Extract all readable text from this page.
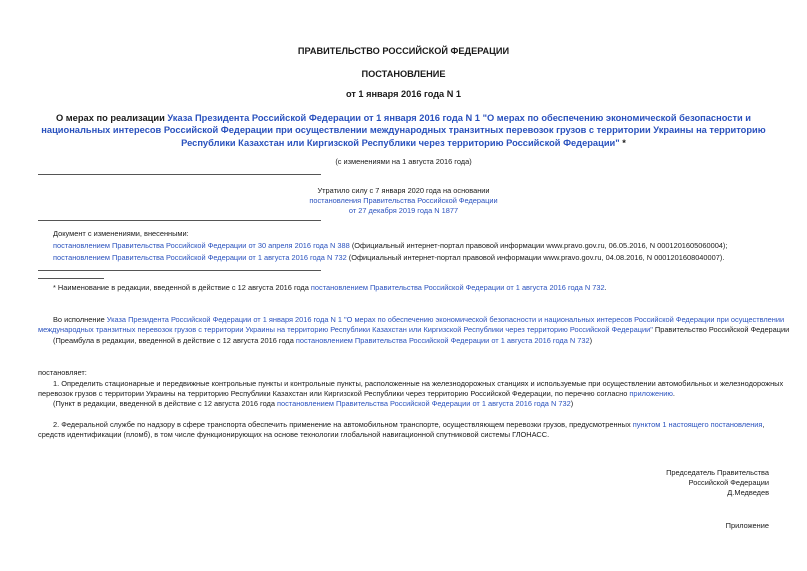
ПРАВИТЕЛЬСТВО РОССИЙСКОЙ ФЕДЕРАЦИИ
ПОСТАНОВЛЕНИЕ
от 1 января 2016 года N 1
О мерах по реализации Указа Президента Российской Федерации от 1 января 2016 года N 1 "О мерах по обеспечению экономической безопасности и
национальных интересов Российской Федерации при осуществлении международных транзитных перевозок грузов с территории Украины на территорию
Республики Казахстан или Киргизской Республики через территорию Российской Федерации" *
(с изменениями на 1 августа 2016 года)
Утратило силу с 7 января 2020 года на основании
постановления Правительства Российской Федерации
от 27 декабря 2019 года N 1877
Документ с изменениями, внесенными:
постановлением Правительства Российской Федерации от 30 апреля 2016 года N 388 (Официальный интернет-портал правовой информации www.pravo.gov.ru, 06.05.2016, N 0001201605060004);
постановлением Правительства Российской Федерации от 1 августа 2016 года N 732 (Официальный интернет-портал правовой информации www.pravo.gov.ru, 04.08.2016, N 0001201608040007).
* Наименование в редакции, введенной в действие с 12 августа 2016 года постановлением Правительства Российской Федерации от 1 августа 2016 года N 732.
Во исполнение Указа Президента Российской Федерации от 1 января 2016 года N 1 "О мерах по обеспечению экономической безопасности и национальных интересов Российской Федерации при осуществлении
международных транзитных перевозок грузов с территории Украины на территорию Республики Казахстан или Киргизской Республики через территорию Российской Федерации" Правительство Российской Федерации
(Преамбула в редакции, введенной в действие с 12 августа 2016 года постановлением Правительства Российской Федерации от 1 августа 2016 года N 732)
постановляет:
1. Определить стационарные и передвижные контрольные пункты и контрольные пункты, расположенные на железнодорожных станциях и используемые при осуществлении автомобильных и железнодорожных
перевозок грузов с территории Украины на территорию Республики Казахстан или Киргизской Республики через территорию Российской Федерации, по перечню согласно приложению.
(Пункт в редакции, введенной в действие с 12 августа 2016 года постановлением Правительства Российской Федерации от 1 августа 2016 года N 732)
2. Федеральной службе по надзору в сфере транспорта обеспечить применение на автомобильном транспорте, осуществляющем перевозки грузов, предусмотренных пунктом 1 настоящего постановления,
средств идентификации (пломб), в том числе функционирующих на основе технологии глобальной навигационной спутниковой системы ГЛОНАСС.
Председатель Правительства
Российской Федерации
Д.Медведев
Приложение
